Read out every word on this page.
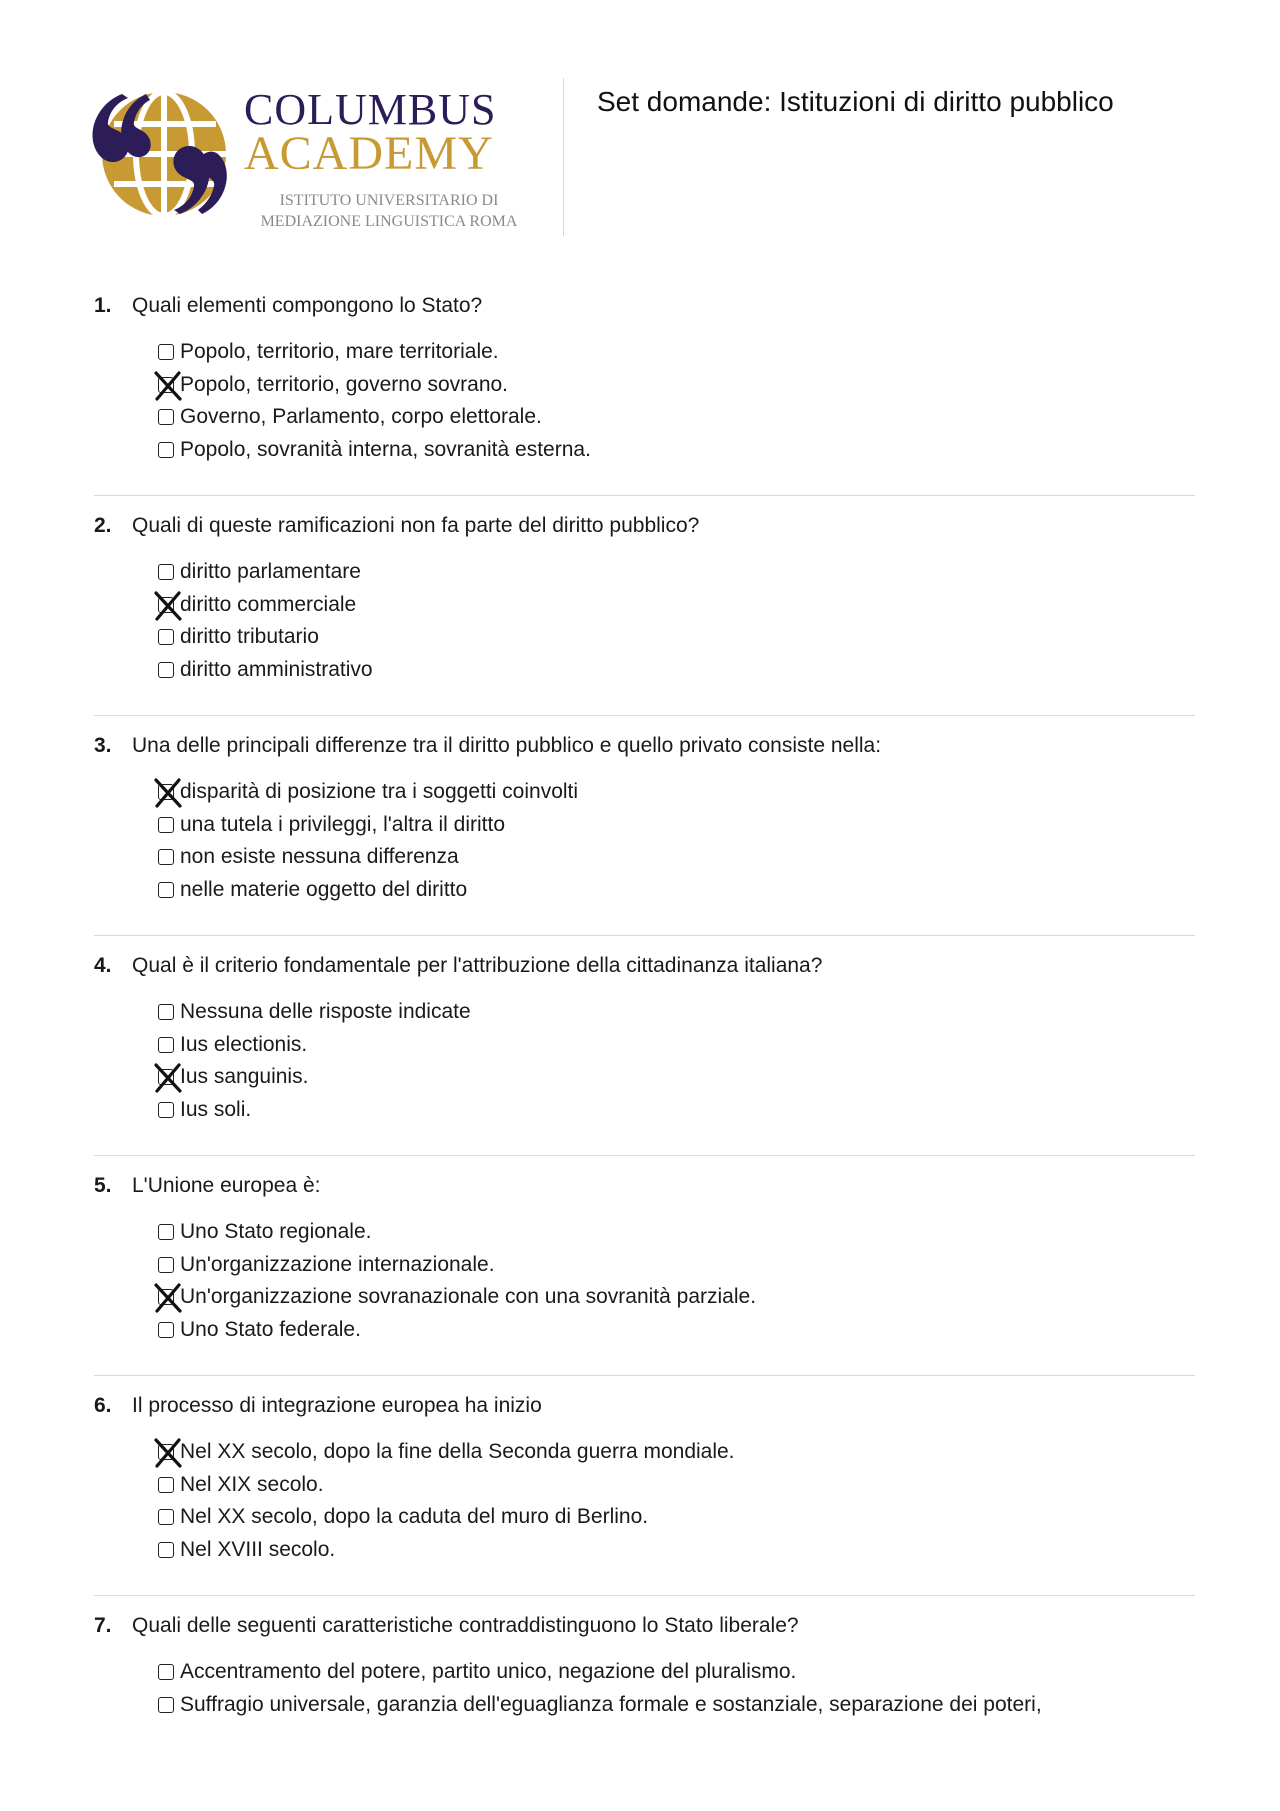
COLUMBUS
ACADEMY
ISTITUTO UNIVERSITARIO DI
MEDIAZIONE LINGUISTICA ROMA
Set domande: Istituzioni di diritto pubblico
1. Quali elementi compongono lo Stato?
Popolo, territorio, mare territoriale.
Popolo, territorio, governo sovrano.
Governo, Parlamento, corpo elettorale.
Popolo, sovranità interna, sovranità esterna.
2. Quali di queste ramificazioni non fa parte del diritto pubblico?
diritto parlamentare
diritto commerciale
diritto tributario
diritto amministrativo
3. Una delle principali differenze tra il diritto pubblico e quello privato consiste nella:
disparità di posizione tra i soggetti coinvolti
una tutela i privileggi, l'altra il diritto
non esiste nessuna differenza
nelle materie oggetto del diritto
4. Qual è il criterio fondamentale per l'attribuzione della cittadinanza italiana?
Nessuna delle risposte indicate
Ius electionis.
Ius sanguinis.
Ius soli.
5. L'Unione europea è:
Uno Stato regionale.
Un'organizzazione internazionale.
Un'organizzazione sovranazionale con una sovranità parziale.
Uno Stato federale.
6. Il processo di integrazione europea ha inizio
Nel XX secolo, dopo la fine della Seconda guerra mondiale.
Nel XIX secolo.
Nel XX secolo, dopo la caduta del muro di Berlino.
Nel XVIII secolo.
7. Quali delle seguenti caratteristiche contraddistinguono lo Stato liberale?
Accentramento del potere, partito unico, negazione del pluralismo.
Suffragio universale, garanzia dell'eguaglianza formale e sostanziale, separazione dei poteri,
